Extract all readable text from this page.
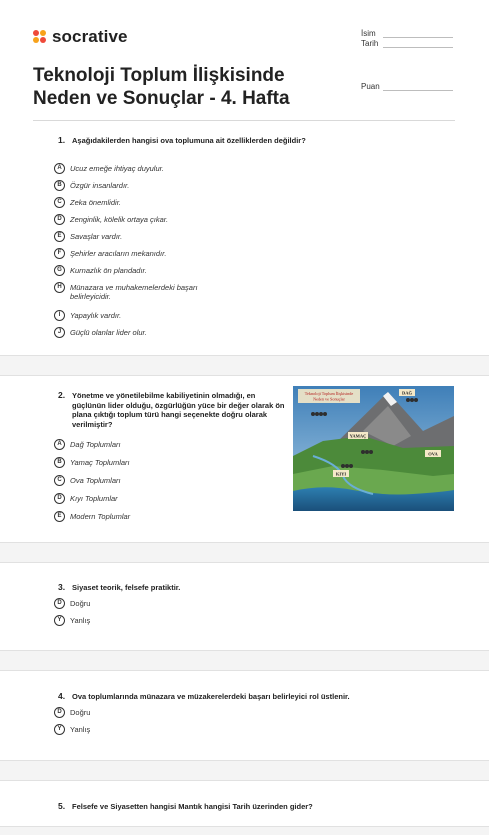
socrative	İsim
Tarih
Teknoloji Toplum İlişkisinde
Neden ve Sonuçlar - 4. Hafta
Puan
1. Aşağıdakilerden hangisi ova toplumuna ait özelliklerden değildir?
A	Ucuz emeğe ihtiyaç duyulur.
B	Özgür insanlardır.
C	Zeka önemlidir.
D	Zenginlik, kölelik ortaya çıkar.
E	Savaşlar vardır.
F	Şehirler aracıların mekanıdır.
G	Kurnazlık ön plandadır.
H	Münazara ve muhakemelerdeki başarı belirleyicidir.
I	Yapaylık vardır.
J	Güçlü olanlar lider olur.
2. Yönetme ve yönetilebilme kabiliyetinin olmadığı, en güçlünün lider olduğu, özgürlüğün yüce bir değer olarak ön plana çıktığı toplum türü hangi seçenekte doğru olarak verilmiştir?
A	Dağ Toplumları
B	Yamaç Toplumları
C	Ova Toplumları
D	Kıyı Toplumlar
E	Modern Toplumlar
Teknoloji Toplum İlişkisinde
Neden ve Sonuçlar
DAĞ
YAMAÇ
OVA
KIYI
3. Siyaset teorik, felsefe pratiktir.
D	Doğru
Y	Yanlış
4. Ova toplumlarında münazara ve müzakerelerdeki başarı belirleyici rol üstlenir.
D	Doğru
Y	Yanlış
5. Felsefe ve Siyasetten hangisi Mantık hangisi Tarih üzerinden gider?
